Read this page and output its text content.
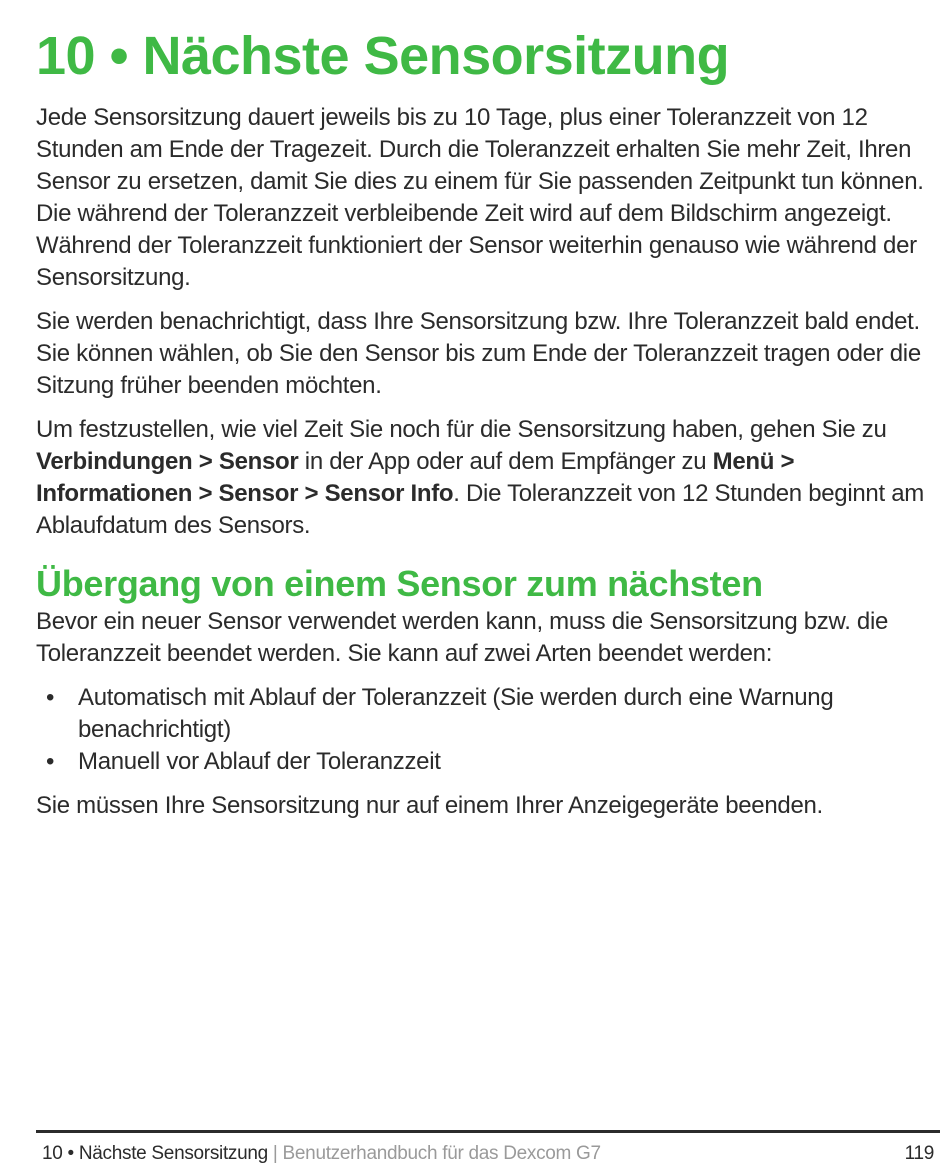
10 • Nächste Sensorsitzung

Jede Sensorsitzung dauert jeweils bis zu 10 Tage, plus einer Toleranzzeit von 12 Stunden am Ende der Tragezeit. Durch die Toleranzzeit erhalten Sie mehr Zeit, Ihren Sensor zu ersetzen, damit Sie dies zu einem für Sie passenden Zeitpunkt tun können. Die während der Toleranzzeit verbleibende Zeit wird auf dem Bildschirm angezeigt. Während der Toleranzzeit funktioniert der Sensor weiterhin genauso wie während der Sensorsitzung.

Sie werden benachrichtigt, dass Ihre Sensorsitzung bzw. Ihre Toleranzzeit bald endet. Sie können wählen, ob Sie den Sensor bis zum Ende der Toleranzzeit tragen oder die Sitzung früher beenden möchten.

Um festzustellen, wie viel Zeit Sie noch für die Sensorsitzung haben, gehen Sie zu Verbindungen > Sensor in der App oder auf dem Empfänger zu Menü > Informationen > Sensor > Sensor Info. Die Toleranzzeit von 12 Stunden beginnt am Ablaufdatum des Sensors.

Übergang von einem Sensor zum nächsten

Bevor ein neuer Sensor verwendet werden kann, muss die Sensorsitzung bzw. die Toleranzzeit beendet werden. Sie kann auf zwei Arten beendet werden:

• Automatisch mit Ablauf der Toleranzzeit (Sie werden durch eine Warnung benachrichtigt)
• Manuell vor Ablauf der Toleranzzeit

Sie müssen Ihre Sensorsitzung nur auf einem Ihrer Anzeigegeräte beenden.

10 • Nächste Sensorsitzung | Benutzerhandbuch für das Dexcom G7	119
